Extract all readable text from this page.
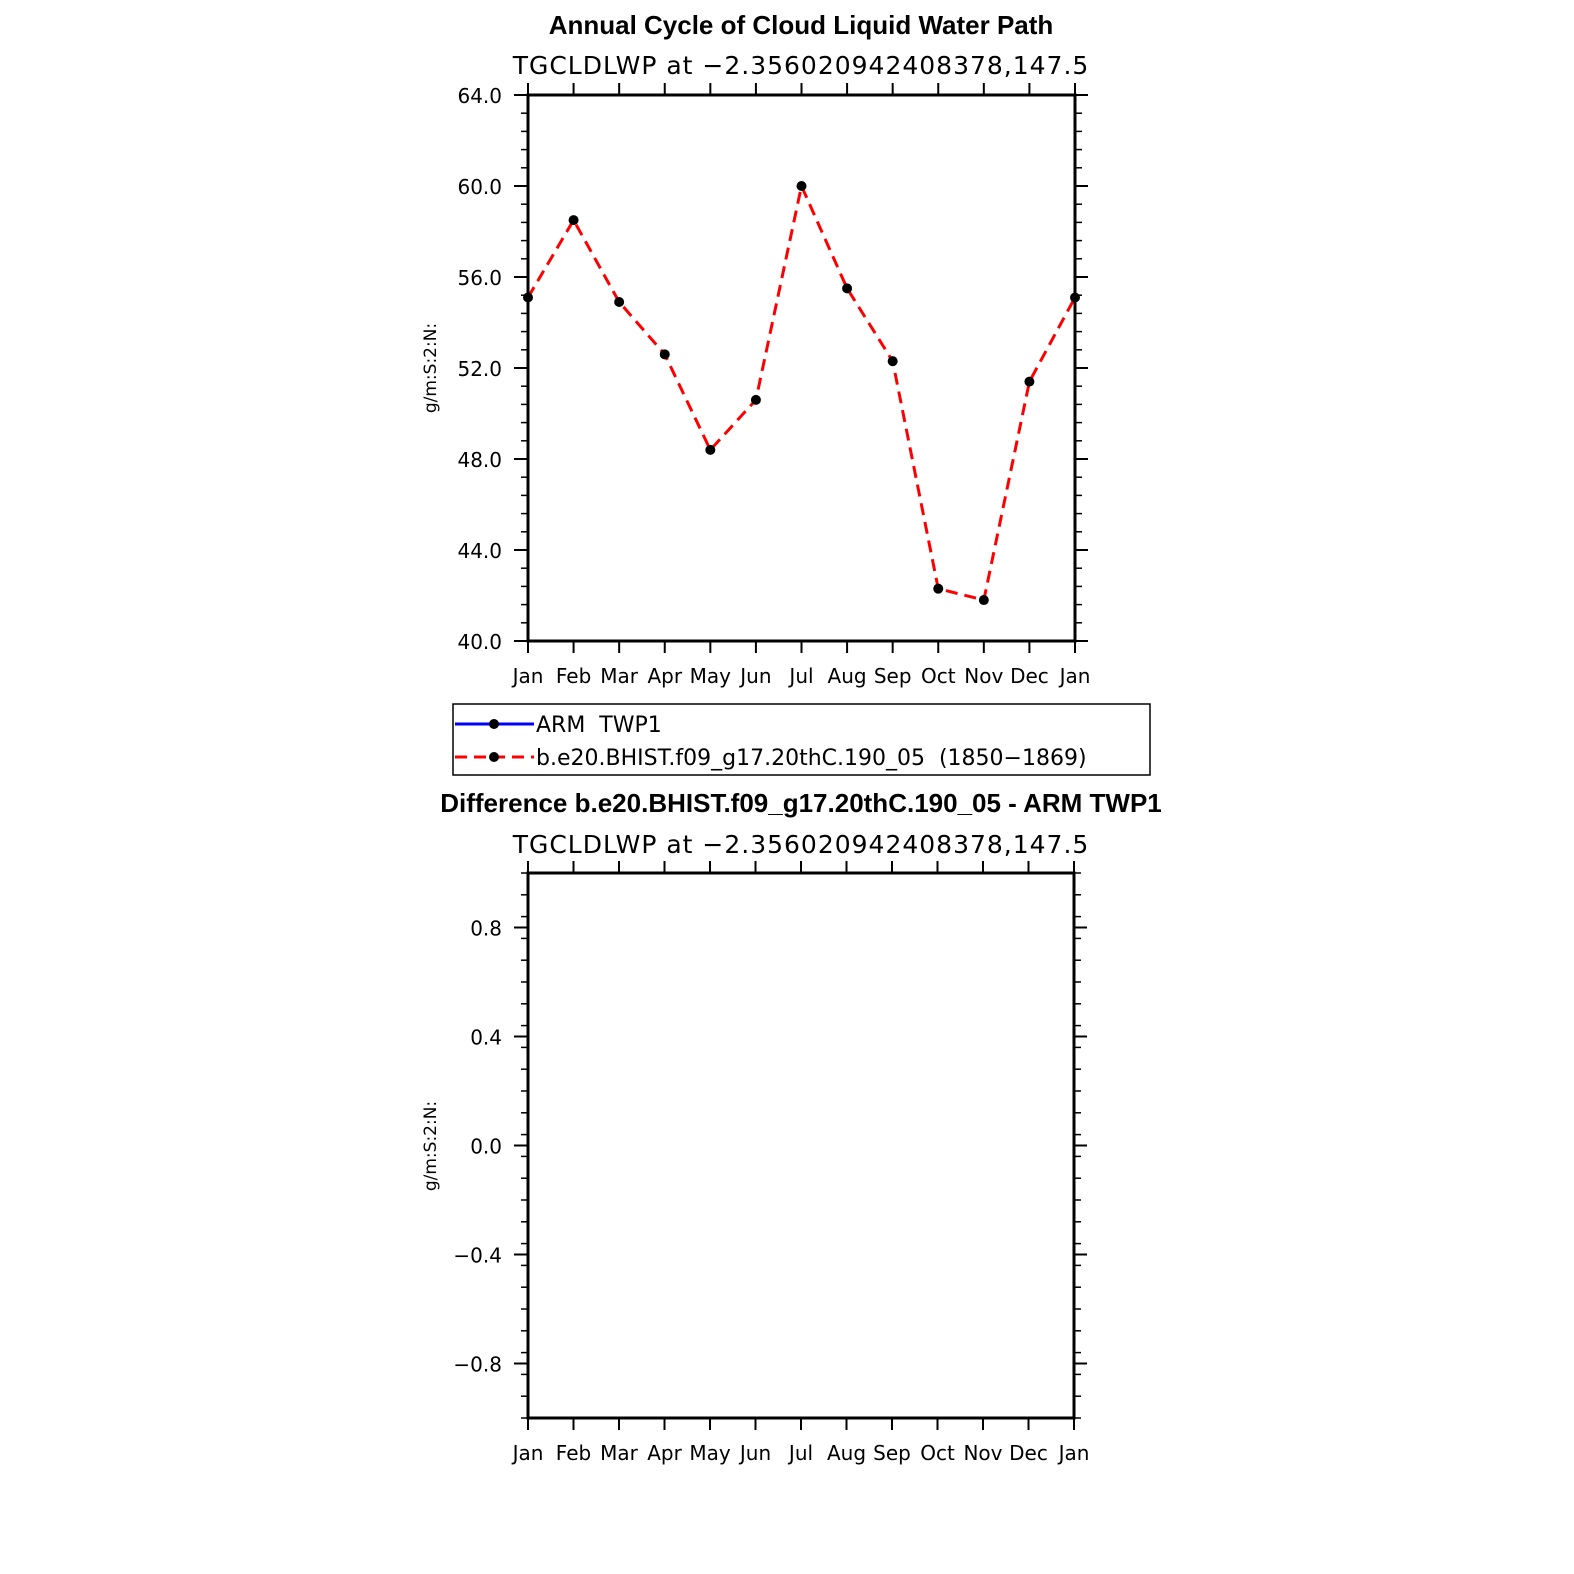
Annual Cycle of Cloud Liquid Water Path
TGCLDLWP at −2.356020942408378,147.5
g/m:S:2:N:
40.0
44.0
48.0
52.0
56.0
60.0
64.0
Jan Feb Mar Apr May Jun Jul Aug Sep Oct Nov Dec Jan
ARM  TWP1
b.e20.BHIST.f09_g17.20thC.190_05  (1850−1869)
Difference b.e20.BHIST.f09_g17.20thC.190_05 - ARM TWP1
TGCLDLWP at −2.356020942408378,147.5
g/m:S:2:N:
−0.8
−0.4
0.0
0.4
0.8
Jan Feb Mar Apr May Jun Jul Aug Sep Oct Nov Dec Jan
